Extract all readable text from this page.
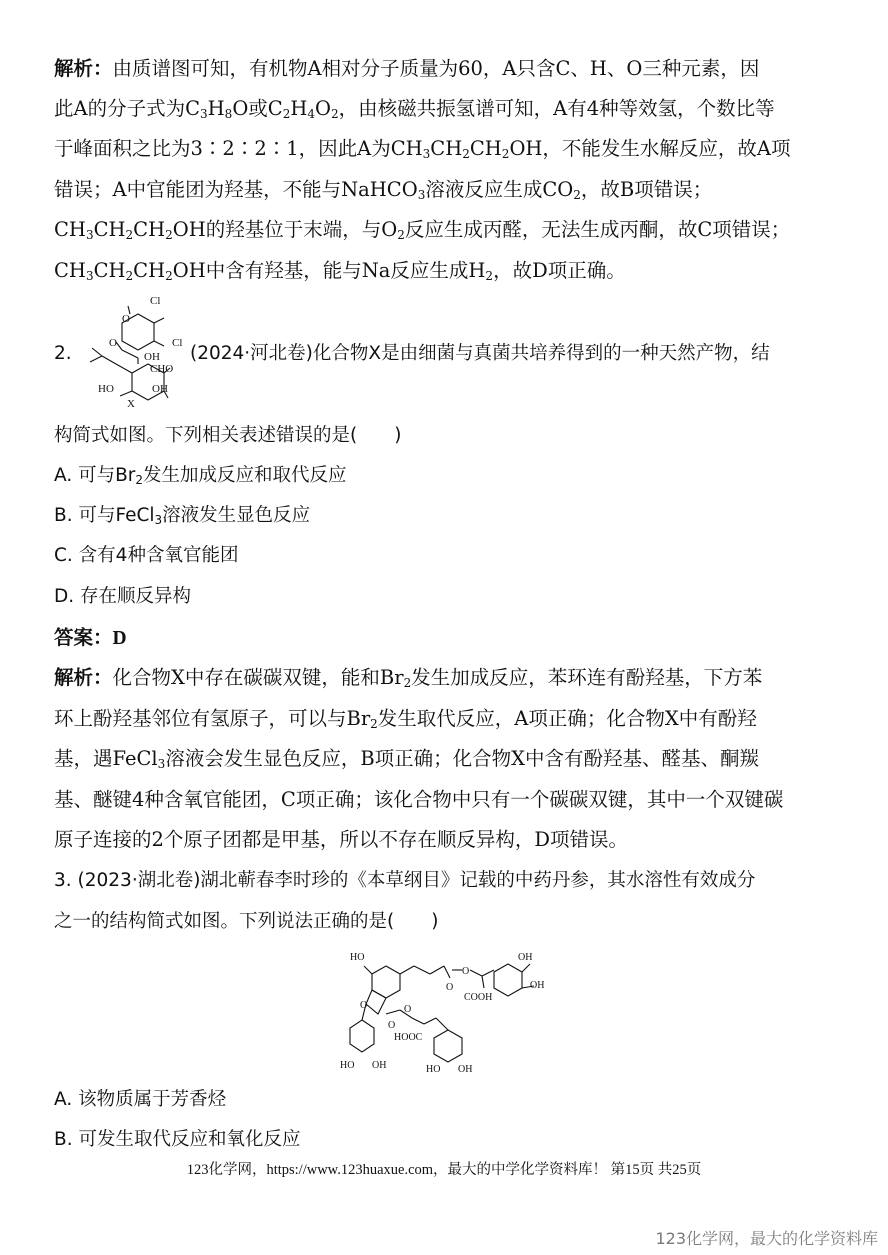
解析：由质谱图可知，有机物A相对分子质量为60，A只含C、H、O三种元素，因
此A的分子式为$C_3H_8O$或$C_2H_4O_2$，由核磁共振氢谱可知，A有4种等效氢，个数比等
于峰面积之比为3∶2∶2∶1，因此A为$CH_3CH_2CH_2OH$，不能发生水解反应，故A项
错误；A中官能团为羟基，不能与NaHCO$_3$溶液反应生成$CO_2$，故B项错误；
$CH_3CH_2CH_2OH$的羟基位于末端，与$O_2$反应生成丙醛，无法生成丙酮，故C项错误；
$CH_3CH_2CH_2OH$中含有羟基，能与Na反应生成$H_2$，故D项正确。
2.
Cl
O
Cl
O
OH
CHO
HO	OH
X
(2024·河北卷)化合物X是由细菌与真菌共培养得到的一种天然产物，结
构简式如图。下列相关表述错误的是(　　)
A. 可与$Br_2$发生加成反应和取代反应
B. 可与FeCl$_3$溶液发生显色反应
C. 含有4种含氧官能团
D. 存在顺反异构
答案：D
解析：化合物X中存在碳碳双键，能和$Br_2$发生加成反应，苯环连有酚羟基，下方苯
环上酚羟基邻位有氢原子，可以与$Br_2$发生取代反应，A项正确；化合物X中有酚羟
基，遇FeCl$_3$溶液会发生显色反应，B项正确；化合物X中含有酚羟基、醛基、酮羰
基、醚键4种含氧官能团，C项正确；该化合物中只有一个碳碳双键，其中一个双键碳
原子连接的2个原子团都是甲基，所以不存在顺反异构，D项错误。
3. (2023·湖北卷)湖北蕲春李时珍的《本草纲目》记载的中药丹参，其水溶性有效成分
之一的结构简式如图。下列说法正确的是(　　)
HO
O
O
O
OH
OH
COOH
O
O
HOOC
HO OH	HO OH
A. 该物质属于芳香烃
B. 可发生取代反应和氧化反应
123化学网，https://www.123huaxue.com，最大的中学化学资料库！ 第15页 共25页
123化学网，最大的化学资料库
